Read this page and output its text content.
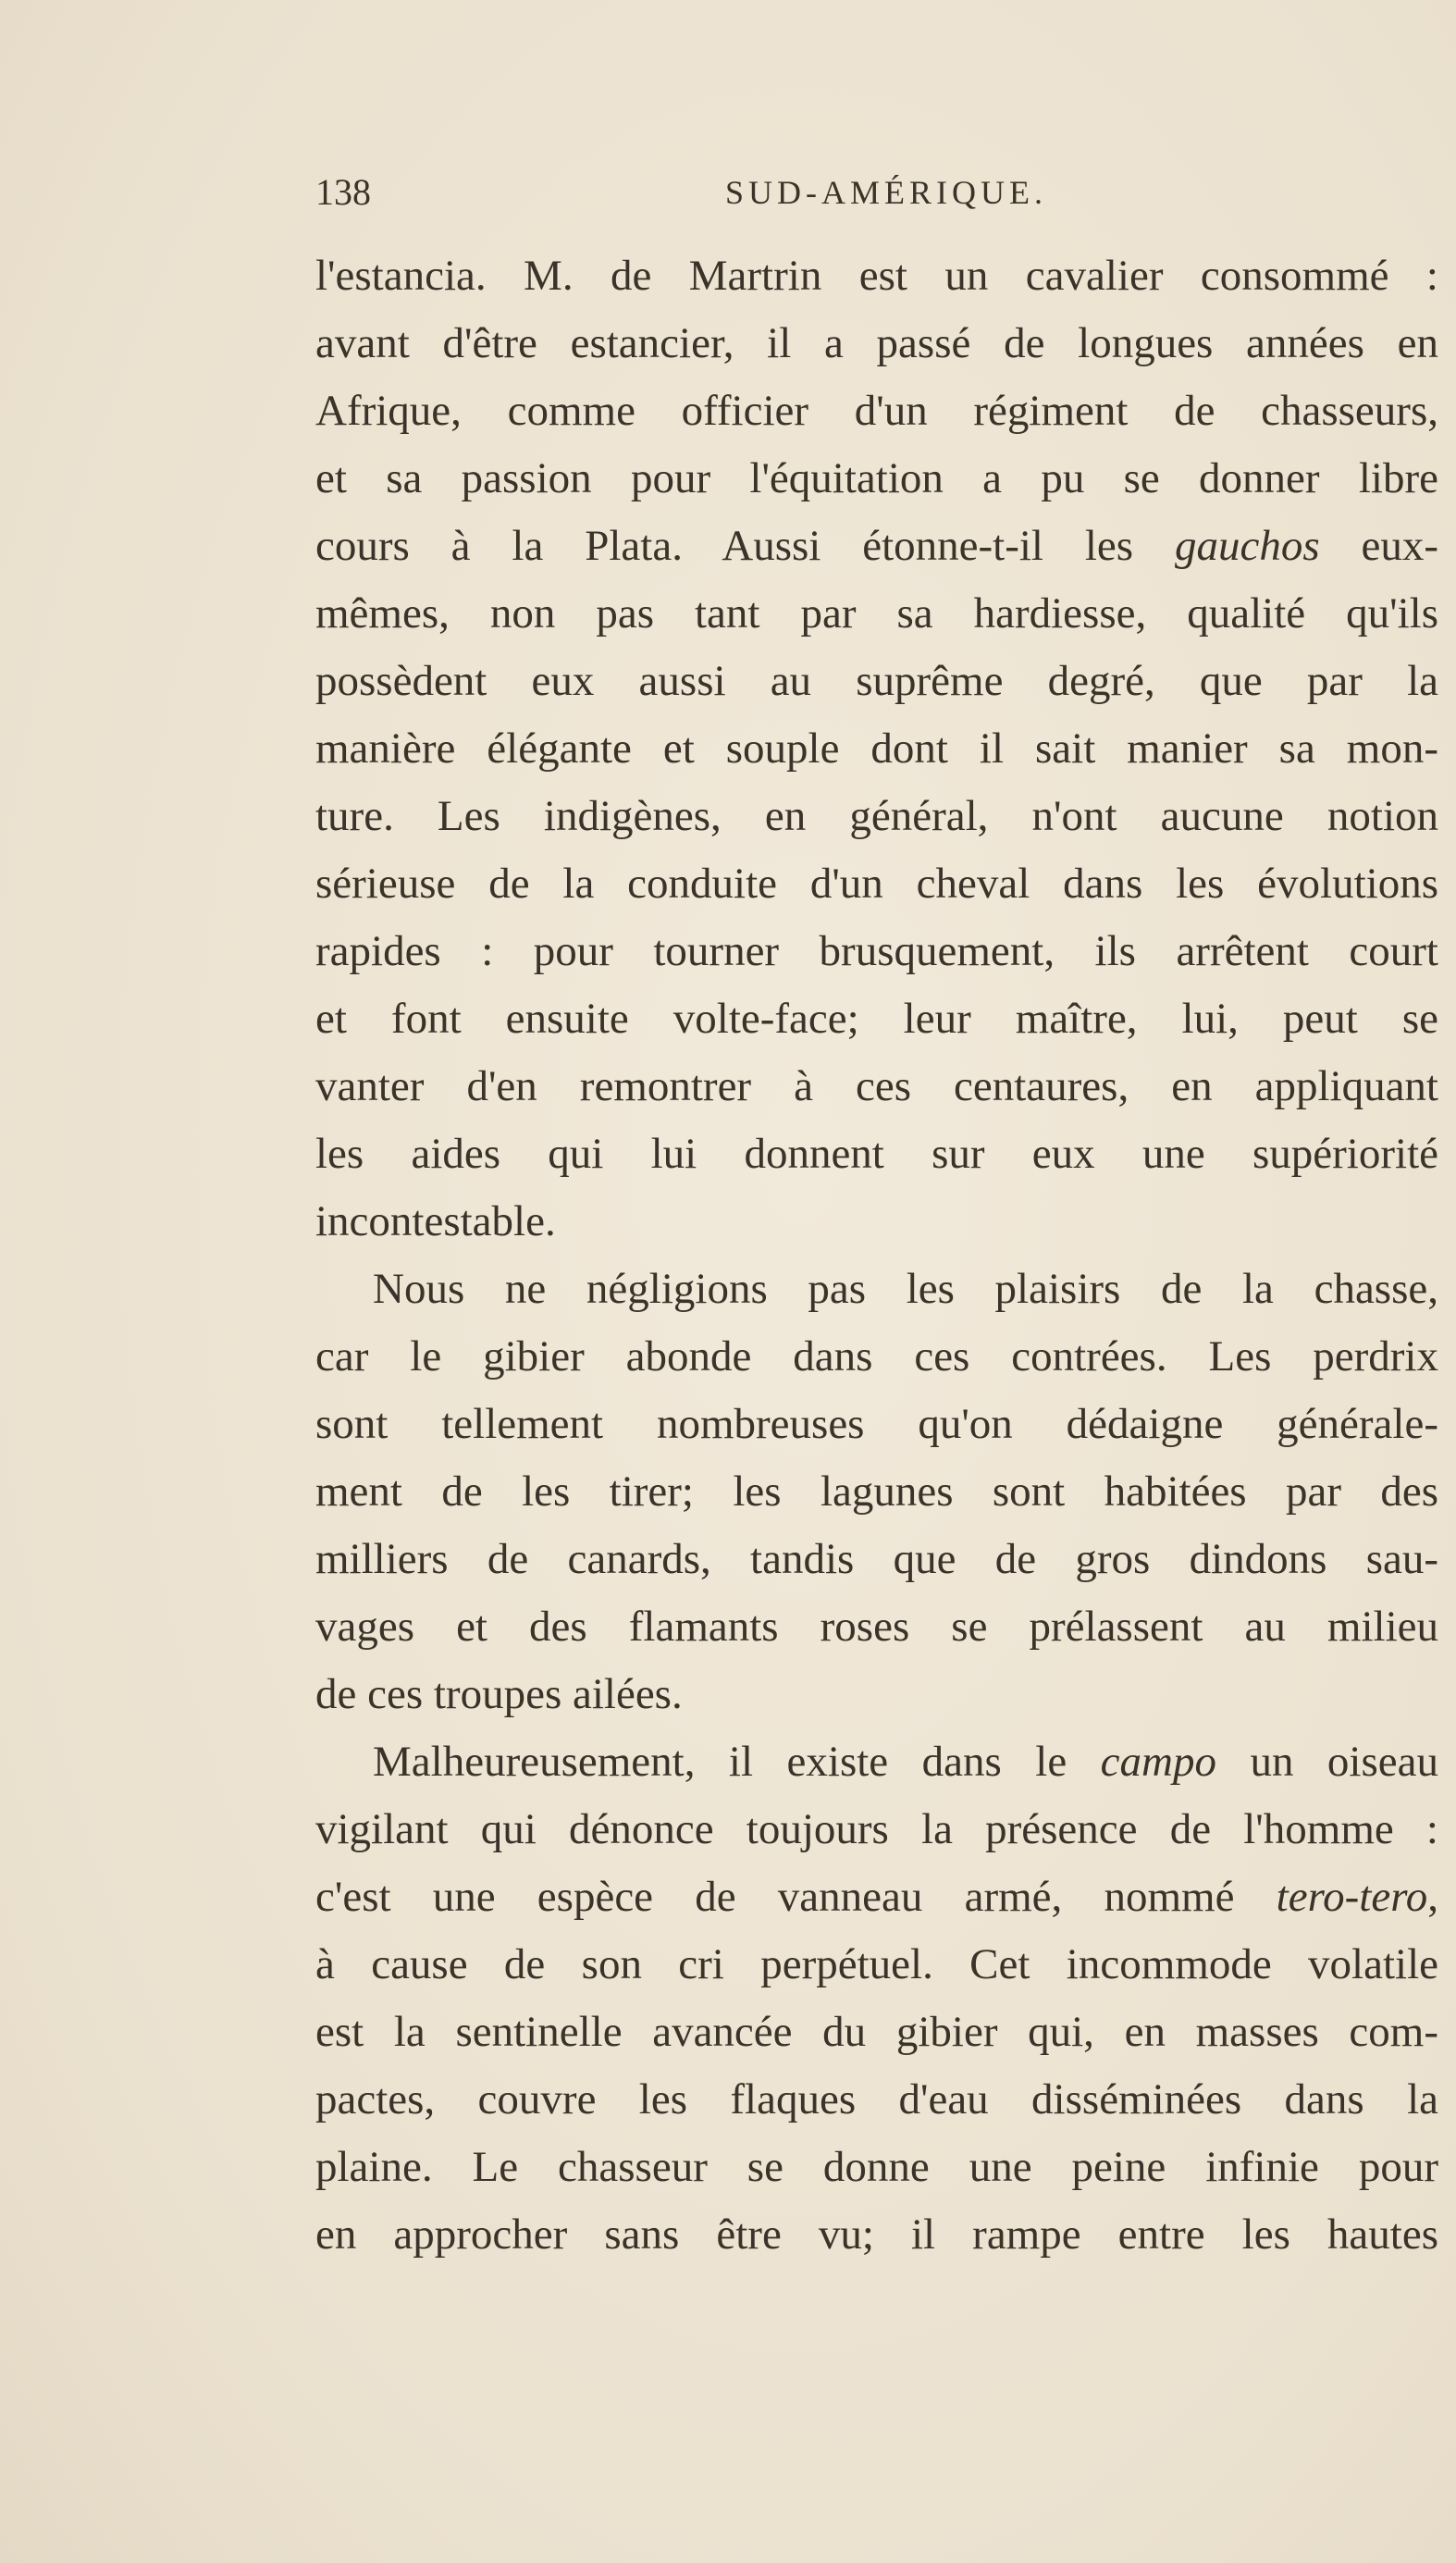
138	SUD-AMÉRIQUE.
l'estancia. M. de Martrin est un cavalier consommé :
avant d'être estancier, il a passé de longues années en
Afrique, comme officier d'un régiment de chasseurs,
et sa passion pour l'équitation a pu se donner libre
cours à la Plata. Aussi étonne-t-il les gauchos eux-
mêmes, non pas tant par sa hardiesse, qualité qu'ils
possèdent eux aussi au suprême degré, que par la
manière élégante et souple dont il sait manier sa mon-
ture. Les indigènes, en général, n'ont aucune notion
sérieuse de la conduite d'un cheval dans les évolutions
rapides : pour tourner brusquement, ils arrêtent court
et font ensuite volte-face; leur maître, lui, peut se
vanter d'en remontrer à ces centaures, en appliquant
les aides qui lui donnent sur eux une supériorité
incontestable.
Nous ne négligions pas les plaisirs de la chasse,
car le gibier abonde dans ces contrées. Les perdrix
sont tellement nombreuses qu'on dédaigne générale-
ment de les tirer; les lagunes sont habitées par des
milliers de canards, tandis que de gros dindons sau-
vages et des flamants roses se prélassent au milieu
de ces troupes ailées.
Malheureusement, il existe dans le campo un oiseau
vigilant qui dénonce toujours la présence de l'homme :
c'est une espèce de vanneau armé, nommé tero-tero,
à cause de son cri perpétuel. Cet incommode volatile
est la sentinelle avancée du gibier qui, en masses com-
pactes, couvre les flaques d'eau disséminées dans la
plaine. Le chasseur se donne une peine infinie pour
en approcher sans être vu; il rampe entre les hautes
